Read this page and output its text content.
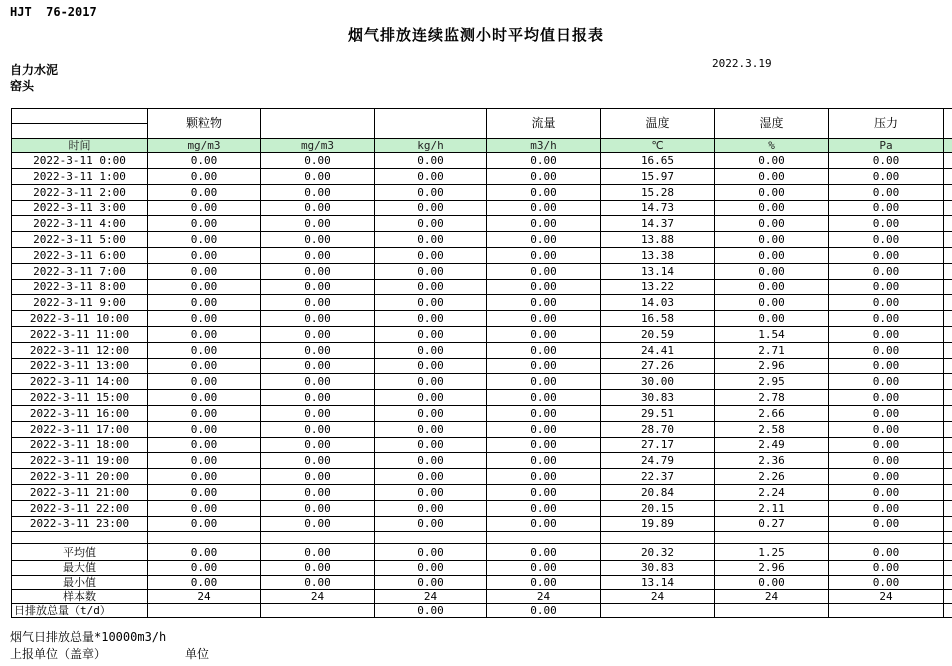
HJT  76-2017
烟气排放连续监测小时平均值日报表
2022.3.19
自力水泥
窑头
	颗粒物			流量	温度	湿度	压力	

时间	mg/m3	mg/m3	kg/h	m3/h	℃	%	Pa	
2022-3-11 0:00	0.00	0.00	0.00	0.00	16.65	0.00	0.00	
2022-3-11 1:00	0.00	0.00	0.00	0.00	15.97	0.00	0.00	
2022-3-11 2:00	0.00	0.00	0.00	0.00	15.28	0.00	0.00	
2022-3-11 3:00	0.00	0.00	0.00	0.00	14.73	0.00	0.00	
2022-3-11 4:00	0.00	0.00	0.00	0.00	14.37	0.00	0.00	
2022-3-11 5:00	0.00	0.00	0.00	0.00	13.88	0.00	0.00	
2022-3-11 6:00	0.00	0.00	0.00	0.00	13.38	0.00	0.00	
2022-3-11 7:00	0.00	0.00	0.00	0.00	13.14	0.00	0.00	
2022-3-11 8:00	0.00	0.00	0.00	0.00	13.22	0.00	0.00	
2022-3-11 9:00	0.00	0.00	0.00	0.00	14.03	0.00	0.00	
2022-3-11 10:00	0.00	0.00	0.00	0.00	16.58	0.00	0.00	
2022-3-11 11:00	0.00	0.00	0.00	0.00	20.59	1.54	0.00	
2022-3-11 12:00	0.00	0.00	0.00	0.00	24.41	2.71	0.00	
2022-3-11 13:00	0.00	0.00	0.00	0.00	27.26	2.96	0.00	
2022-3-11 14:00	0.00	0.00	0.00	0.00	30.00	2.95	0.00	
2022-3-11 15:00	0.00	0.00	0.00	0.00	30.83	2.78	0.00	
2022-3-11 16:00	0.00	0.00	0.00	0.00	29.51	2.66	0.00	
2022-3-11 17:00	0.00	0.00	0.00	0.00	28.70	2.58	0.00	
2022-3-11 18:00	0.00	0.00	0.00	0.00	27.17	2.49	0.00	
2022-3-11 19:00	0.00	0.00	0.00	0.00	24.79	2.36	0.00	
2022-3-11 20:00	0.00	0.00	0.00	0.00	22.37	2.26	0.00	
2022-3-11 21:00	0.00	0.00	0.00	0.00	20.84	2.24	0.00	
2022-3-11 22:00	0.00	0.00	0.00	0.00	20.15	2.11	0.00	
2022-3-11 23:00	0.00	0.00	0.00	0.00	19.89	0.27	0.00	

平均值	0.00	0.00	0.00	0.00	20.32	1.25	0.00	
最大值	0.00	0.00	0.00	0.00	30.83	2.96	0.00	
最小值	0.00	0.00	0.00	0.00	13.14	0.00	0.00	
样本数	24	24	24	24	24	24	24	
日排放总量（t/d）			0.00	0.00				
烟气日排放总量*10000m3/h
上报单位（盖章）	单位
